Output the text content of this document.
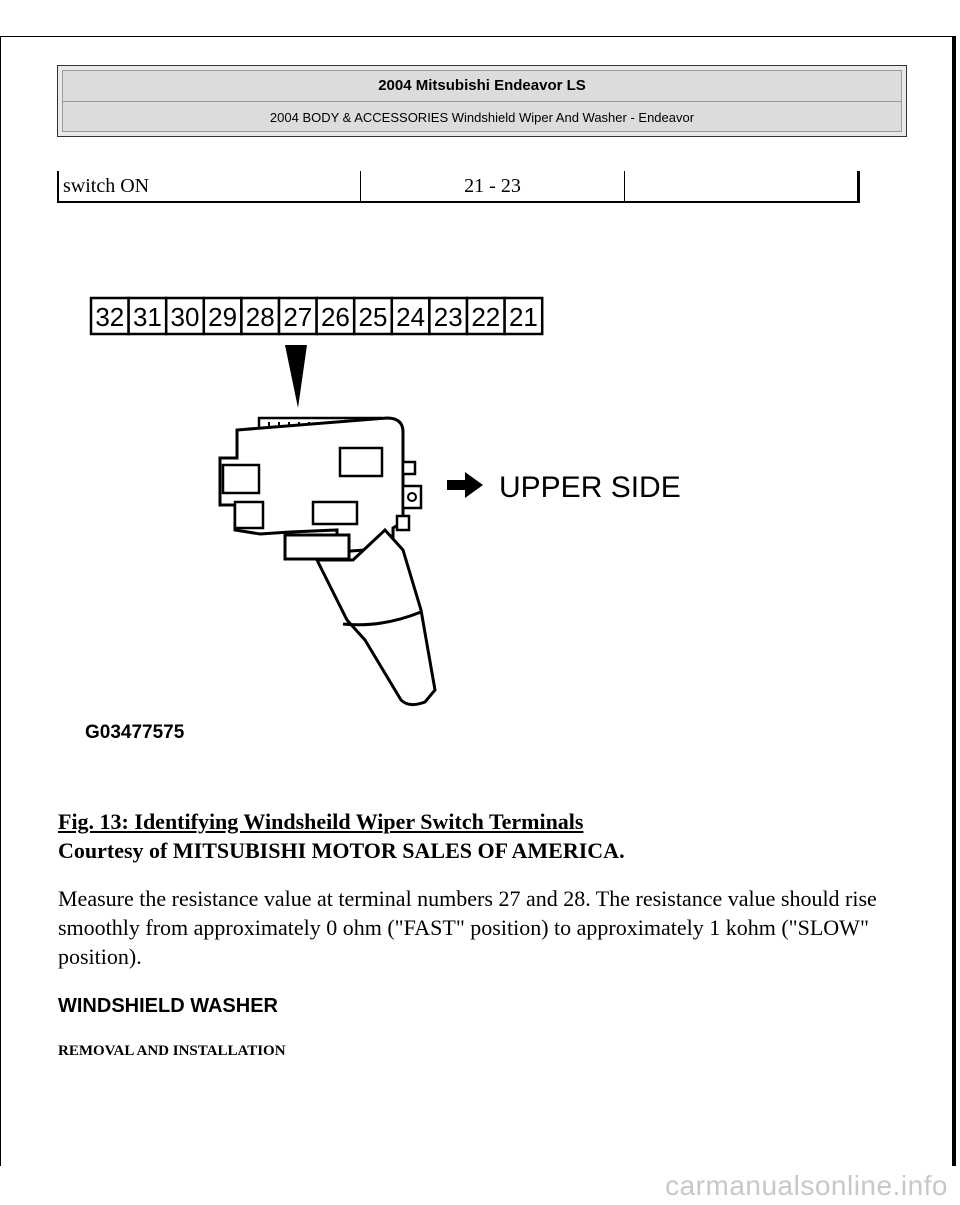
2004 Mitsubishi Endeavor LS
2004 BODY & ACCESSORIES Windshield Wiper And Washer - Endeavor
switch ON	21 - 23
32 31 30 29 28 27 26 25 24 23 22 21
UPPER SIDE
G03477575
Fig. 13: Identifying Windsheild Wiper Switch Terminals
Courtesy of MITSUBISHI MOTOR SALES OF AMERICA.

Measure the resistance value at terminal numbers 27 and 28. The resistance value should rise smoothly from approximately 0 ohm ("FAST" position) to approximately 1 kohm ("SLOW" position).

WINDSHIELD WASHER
REMOVAL AND INSTALLATION
carmanualsonline.info
